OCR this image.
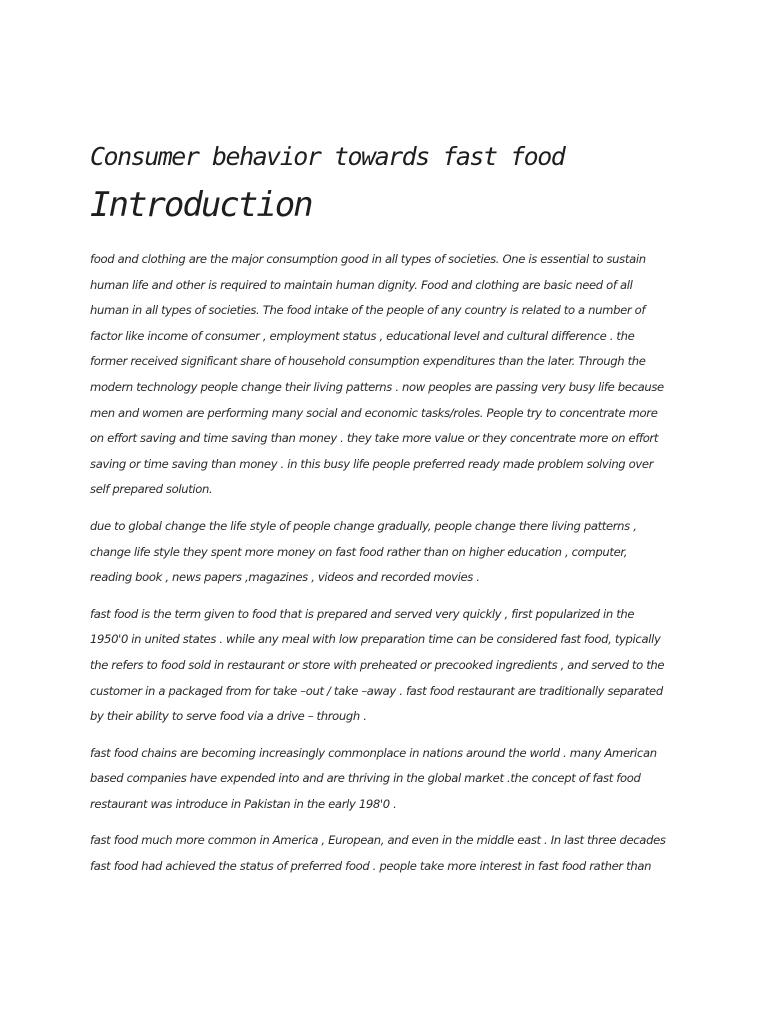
Consumer behavior towards fast food
Introduction

food and clothing are the major consumption good in all types of societies. One is essential to sustain human life and other is required to maintain human dignity. Food and clothing are basic need of all human in all types of societies. The food intake of the people of any country is related to a number of factor like income of consumer , employment status , educational level and cultural difference . the former received significant share of household consumption expenditures than the later. Through the modern technology people change their living patterns . now peoples are passing very busy life because men and women are performing many social and economic tasks/roles. People try to concentrate more on effort saving and time saving than money . they take more value or they concentrate more on effort saving or time saving than money . in this busy life people preferred ready made problem solving over self prepared solution.

due to global change the life style of people change gradually, people change there living patterns , change life style they spent more money on fast food rather than on higher education , computer, reading book , news papers ,magazines , videos and recorded movies .

fast food is the term given to food that is prepared and served very quickly , first popularized in the 1950'0 in united states . while any meal with low preparation time can be considered fast food, typically the refers to food sold in restaurant or store with preheated or precooked ingredients , and served to the customer in a packaged from for take –out / take –away . fast food restaurant are traditionally separated by their ability to serve food via a drive – through .

fast food chains are becoming increasingly commonplace in nations around the world . many American based companies have expended into and are thriving in the global market .the concept of fast food restaurant was introduce in Pakistan in the early 198'0 .

fast food much more common in America , European, and even in the middle east . In last three decades fast food had achieved the status of preferred food . people take more interest in fast food rather than
